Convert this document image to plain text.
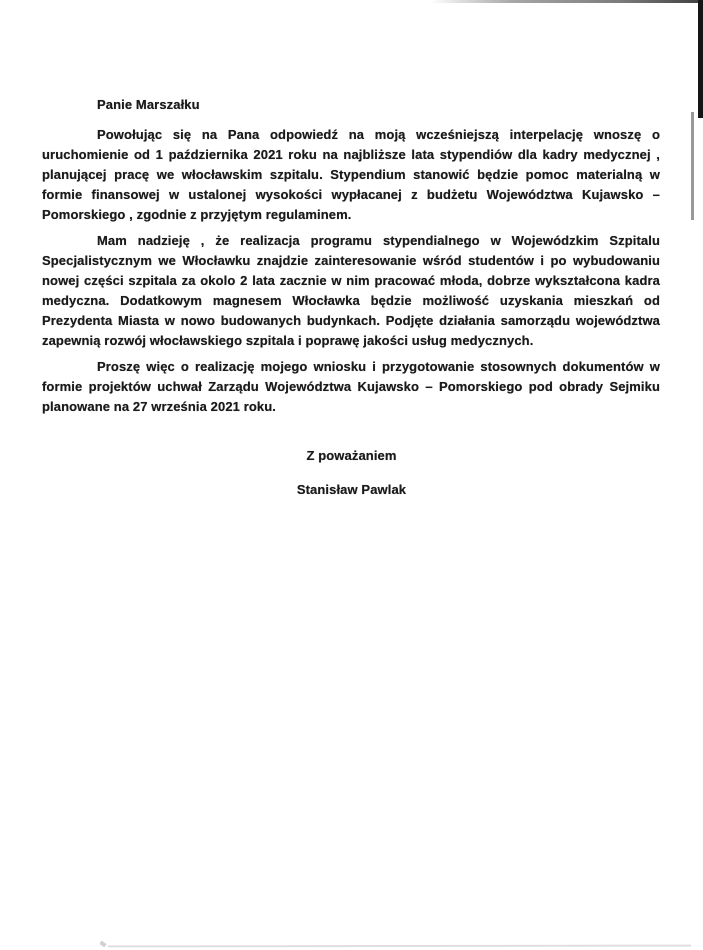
Panie Marszałku

Powołując się na Pana odpowiedź na moją wcześniejszą interpelację wnoszę o uruchomienie od 1 października 2021 roku na najbliższe lata stypendiów dla kadry medycznej , planującej pracę we włocławskim szpitalu. Stypendium stanowić będzie pomoc materialną w formie finansowej w ustalonej wysokości wypłacanej z budżetu Województwa Kujawsko – Pomorskiego , zgodnie z przyjętym regulaminem.

Mam nadzieję , że realizacja programu stypendialnego w Wojewódzkim Szpitalu Specjalistycznym we Włocławku znajdzie zainteresowanie wśród studentów i po wybudowaniu nowej części szpitala za okolo 2 lata zacznie w nim pracować młoda, dobrze wykształcona kadra medyczna. Dodatkowym magnesem Włocławka będzie możliwość uzyskania mieszkań od Prezydenta Miasta w nowo budowanych budynkach. Podjęte działania samorządu województwa zapewnią rozwój włocławskiego szpitala i poprawę jakości usług medycznych.

Proszę więc o realizację mojego wniosku i przygotowanie stosownych dokumentów w formie projektów uchwał Zarządu Województwa Kujawsko – Pomorskiego pod obrady Sejmiku planowane na 27 września 2021 roku.

Z poważaniem
Stanisław Pawlak
